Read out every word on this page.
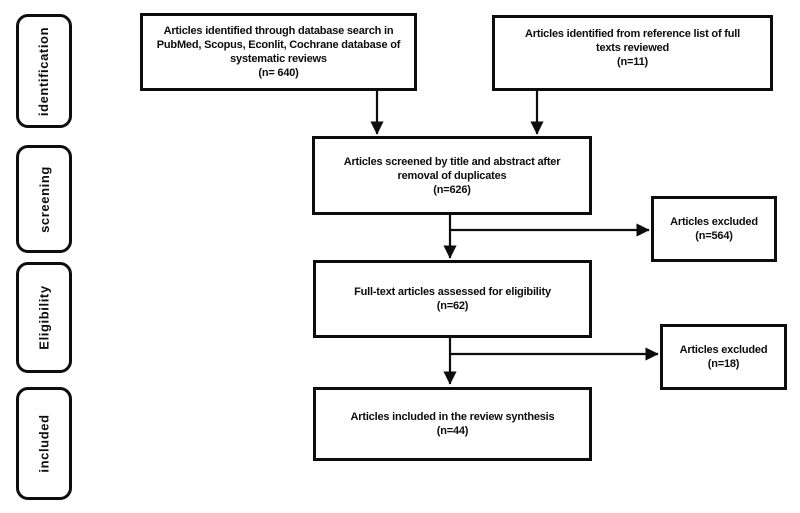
identification
screening
Eligibility
included
Articles identified through database search in
PubMed, Scopus, Econlit, Cochrane database of
systematic reviews
(n= 640)
Articles identified from reference list of full
texts reviewed
(n=11)
Articles screened by title and abstract after
removal of duplicates
(n=626)
Articles excluded
(n=564)
Full-text articles assessed for eligibility
(n=62)
Articles excluded
(n=18)
Articles included in the review synthesis
(n=44)
